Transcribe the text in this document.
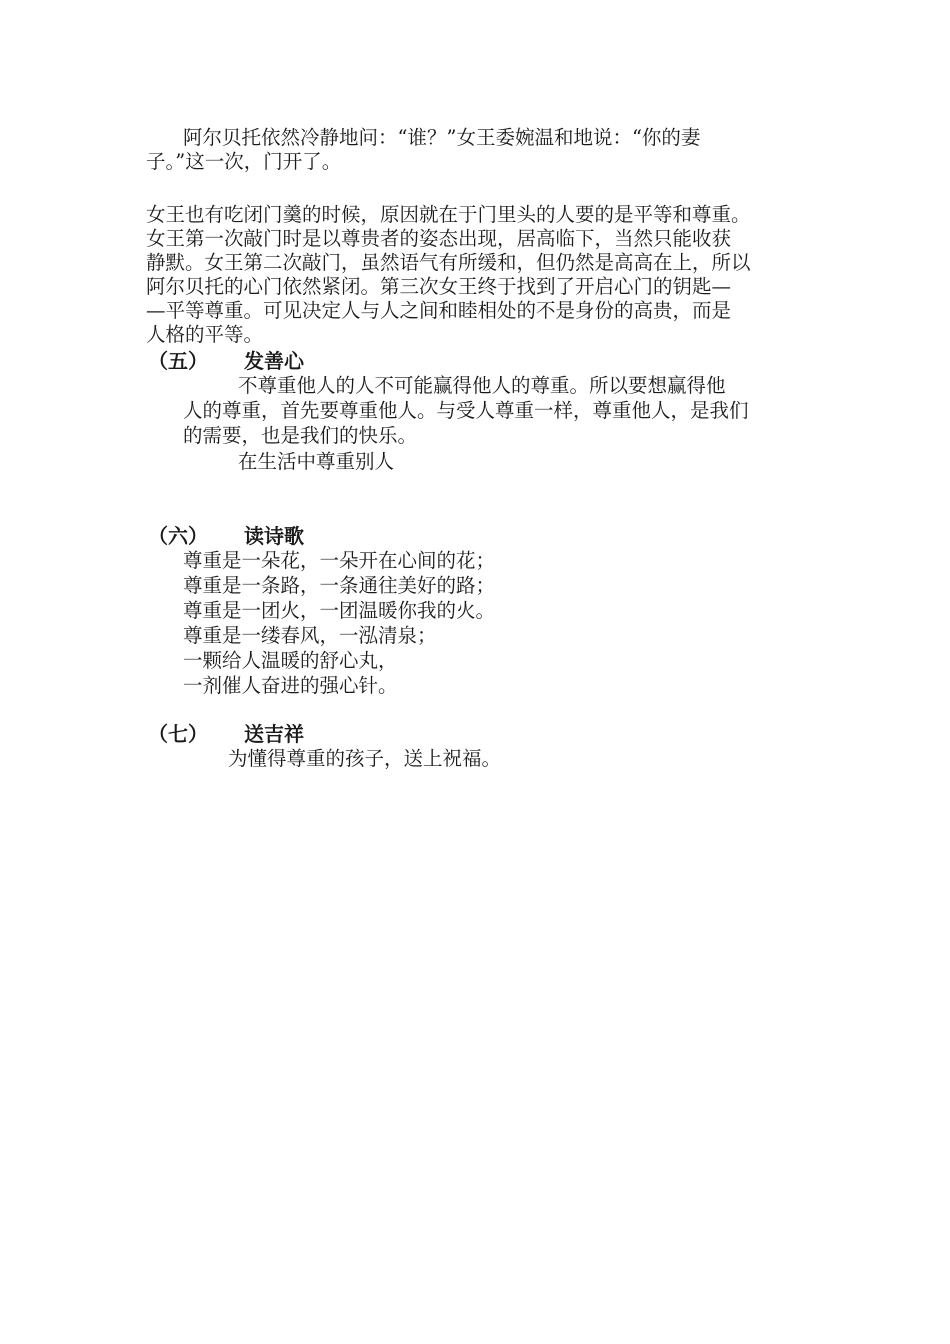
阿尔贝托依然冷静地问：“谁？”女王委婉温和地说：“你的妻
子。”这一次，门开了。
女王也有吃闭门羹的时候，原因就在于门里头的人要的是平等和尊重。
女王第一次敲门时是以尊贵者的姿态出现，居高临下，当然只能收获
静默。女王第二次敲门，虽然语气有所缓和，但仍然是高高在上，所以
阿尔贝托的心门依然紧闭。第三次女王终于找到了开启心门的钥匙—
—平等尊重。可见决定人与人之间和睦相处的不是身份的高贵，而是
人格的平等。
（五） 发善心
不尊重他人的人不可能赢得他人的尊重。所以要想赢得他
人的尊重，首先要尊重他人。与受人尊重一样，尊重他人，是我们
的需要，也是我们的快乐。
在生活中尊重别人
（六） 读诗歌
尊重是一朵花，一朵开在心间的花；
尊重是一条路，一条通往美好的路；
尊重是一团火，一团温暖你我的火。
尊重是一缕春风，一泓清泉；
一颗给人温暖的舒心丸，
一剂催人奋进的强心针。
（七） 送吉祥
为懂得尊重的孩子，送上祝福。
